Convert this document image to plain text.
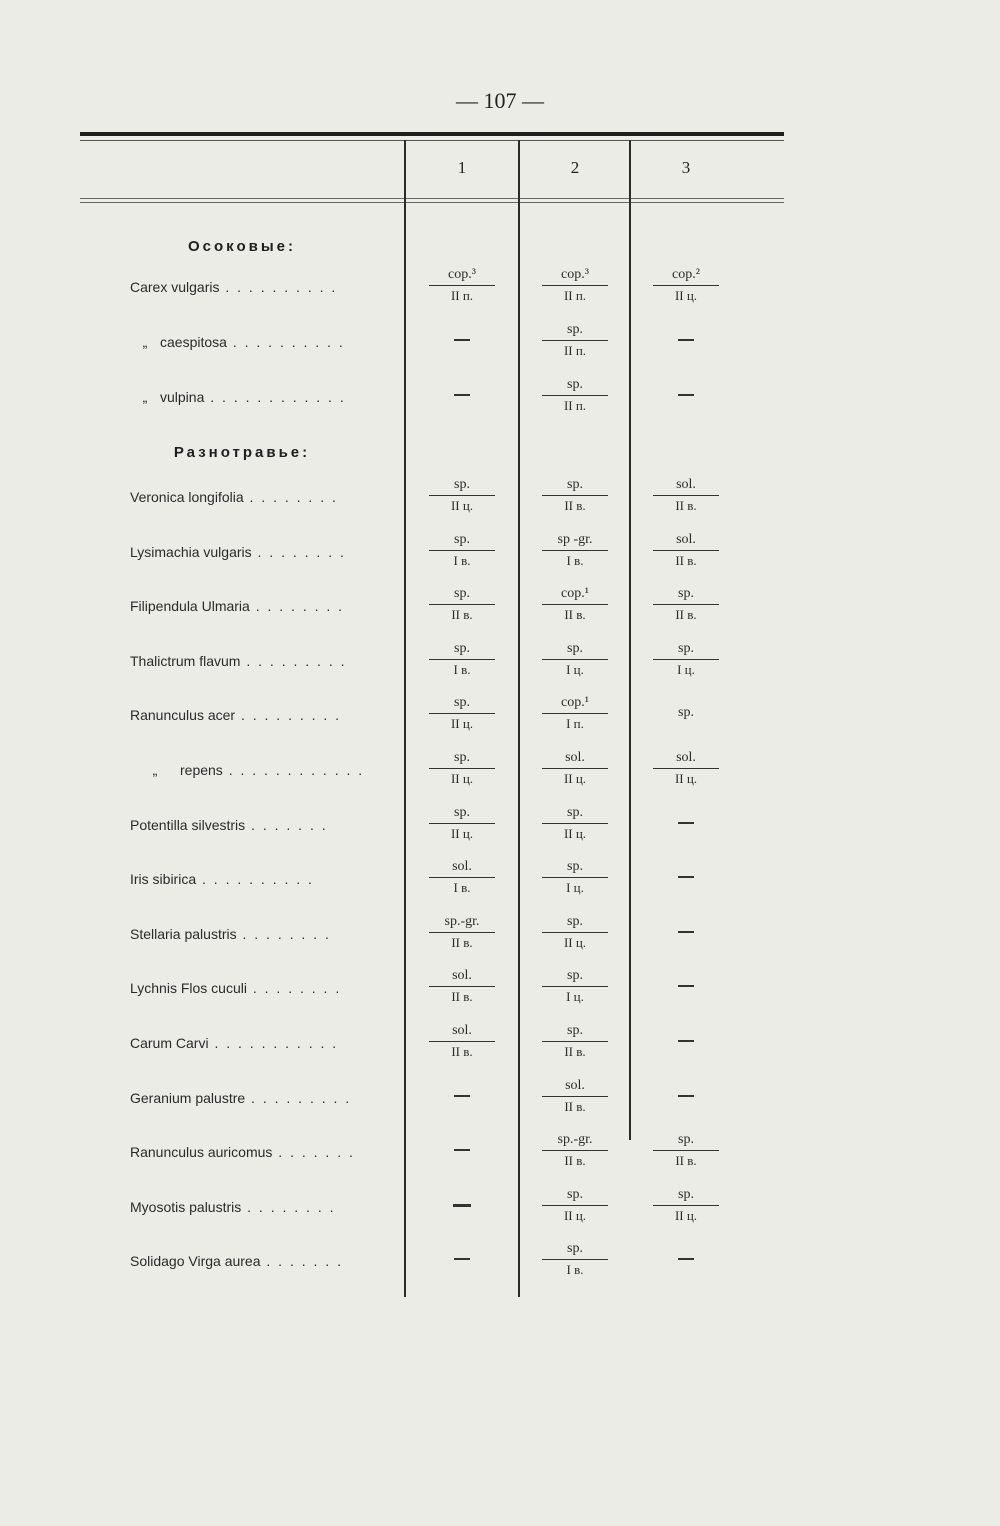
— 107 —
1	2	3
Осоковые:
Carex vulgaris . . . . . . . . . .
cop.³
II п.
cop.³
II п.
cop.²
II ц.
„ caespitosa . . . . . . . . . .
sp.
II п.
„ vulpina . . . . . . . . . . . .
sp.
II п.
Разнотравье:
Veronica longifolia . . . . . . . .
sp.
II ц.
sp.
II в.
sol.
II в.
Lysimachia vulgaris . . . . . . . .
sp.
I в.
sp -gr.
I в.
sol.
II в.
Filipendula Ulmaria . . . . . . . .
sp.
II в.
cop.¹
II в.
sp.
II в.
Thalictrum flavum . . . . . . . . .
sp.
I в.
sp.
I ц.
sp.
I ц.
Ranunculus acer . . . . . . . . .
sp.
II ц.
cop.¹
I п.
sp.
„ repens . . . . . . . . . . . .
sp.
II ц.
sol.
II ц.
sol.
II ц.
Potentilla silvestris . . . . . . .
sp.
II ц.
sp.
II ц.
Iris sibirica . . . . . . . . . .
sol.
I в.
sp.
I ц.
Stellaria palustris . . . . . . . .
sp.-gr.
II в.
sp.
II ц.
Lychnis Flos cuculi . . . . . . . .
sol.
II в.
sp.
I ц.
Carum Carvi . . . . . . . . . . .
sol.
II в.
sp.
II в.
Geranium palustre . . . . . . . . .
sol.
II в.
Ranunculus auricomus . . . . . . .
sp.-gr.
II в.
sp.
II в.
Myosotis palustris . . . . . . . .
sp.
II ц.
sp.
II ц.
Solidago Virga aurea . . . . . . .
sp.
I в.
